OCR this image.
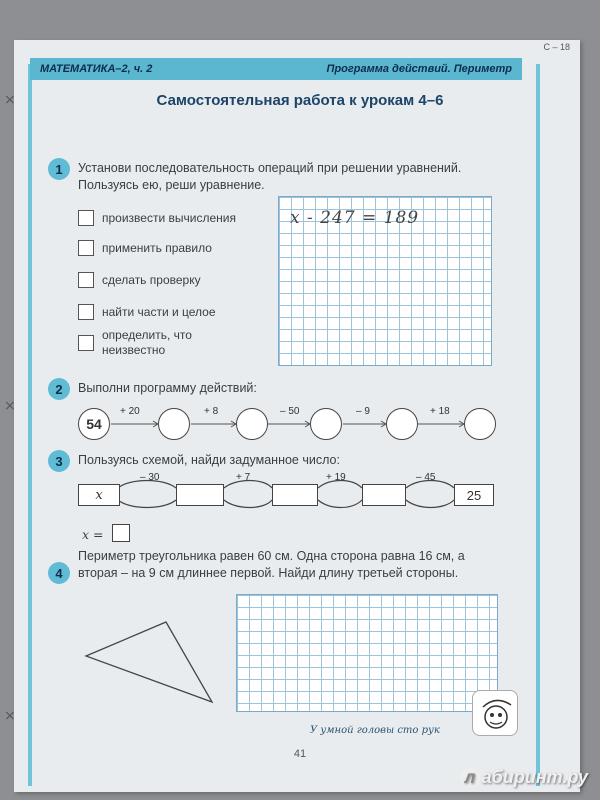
⨯
⨯
⨯
С – 18
МАТЕМАТИКА–2, ч. 2	Программа действий. Периметр
Самостоятельная работа к урокам 4–6
1	Установи последовательность операций при решении уравнений. Пользуясь ею, реши уравнение.
произвести вычисления
применить правило
сделать проверку
найти части и целое
определить, что неизвестно
x - 247 = 189
2	Выполни программу действий:
54
+ 20	+ 8	– 50	– 9	+ 18
3	Пользуясь схемой, найди задуманное число:
x	25
– 30	+ 7	+ 19	– 45
x =
4
Периметр треугольника равен 60 см. Одна сторона равна 16 см, а вторая – на 9 см длиннее первой. Найди длину третьей стороны.
У умной головы сто рук
41
Л абиринт.ру
